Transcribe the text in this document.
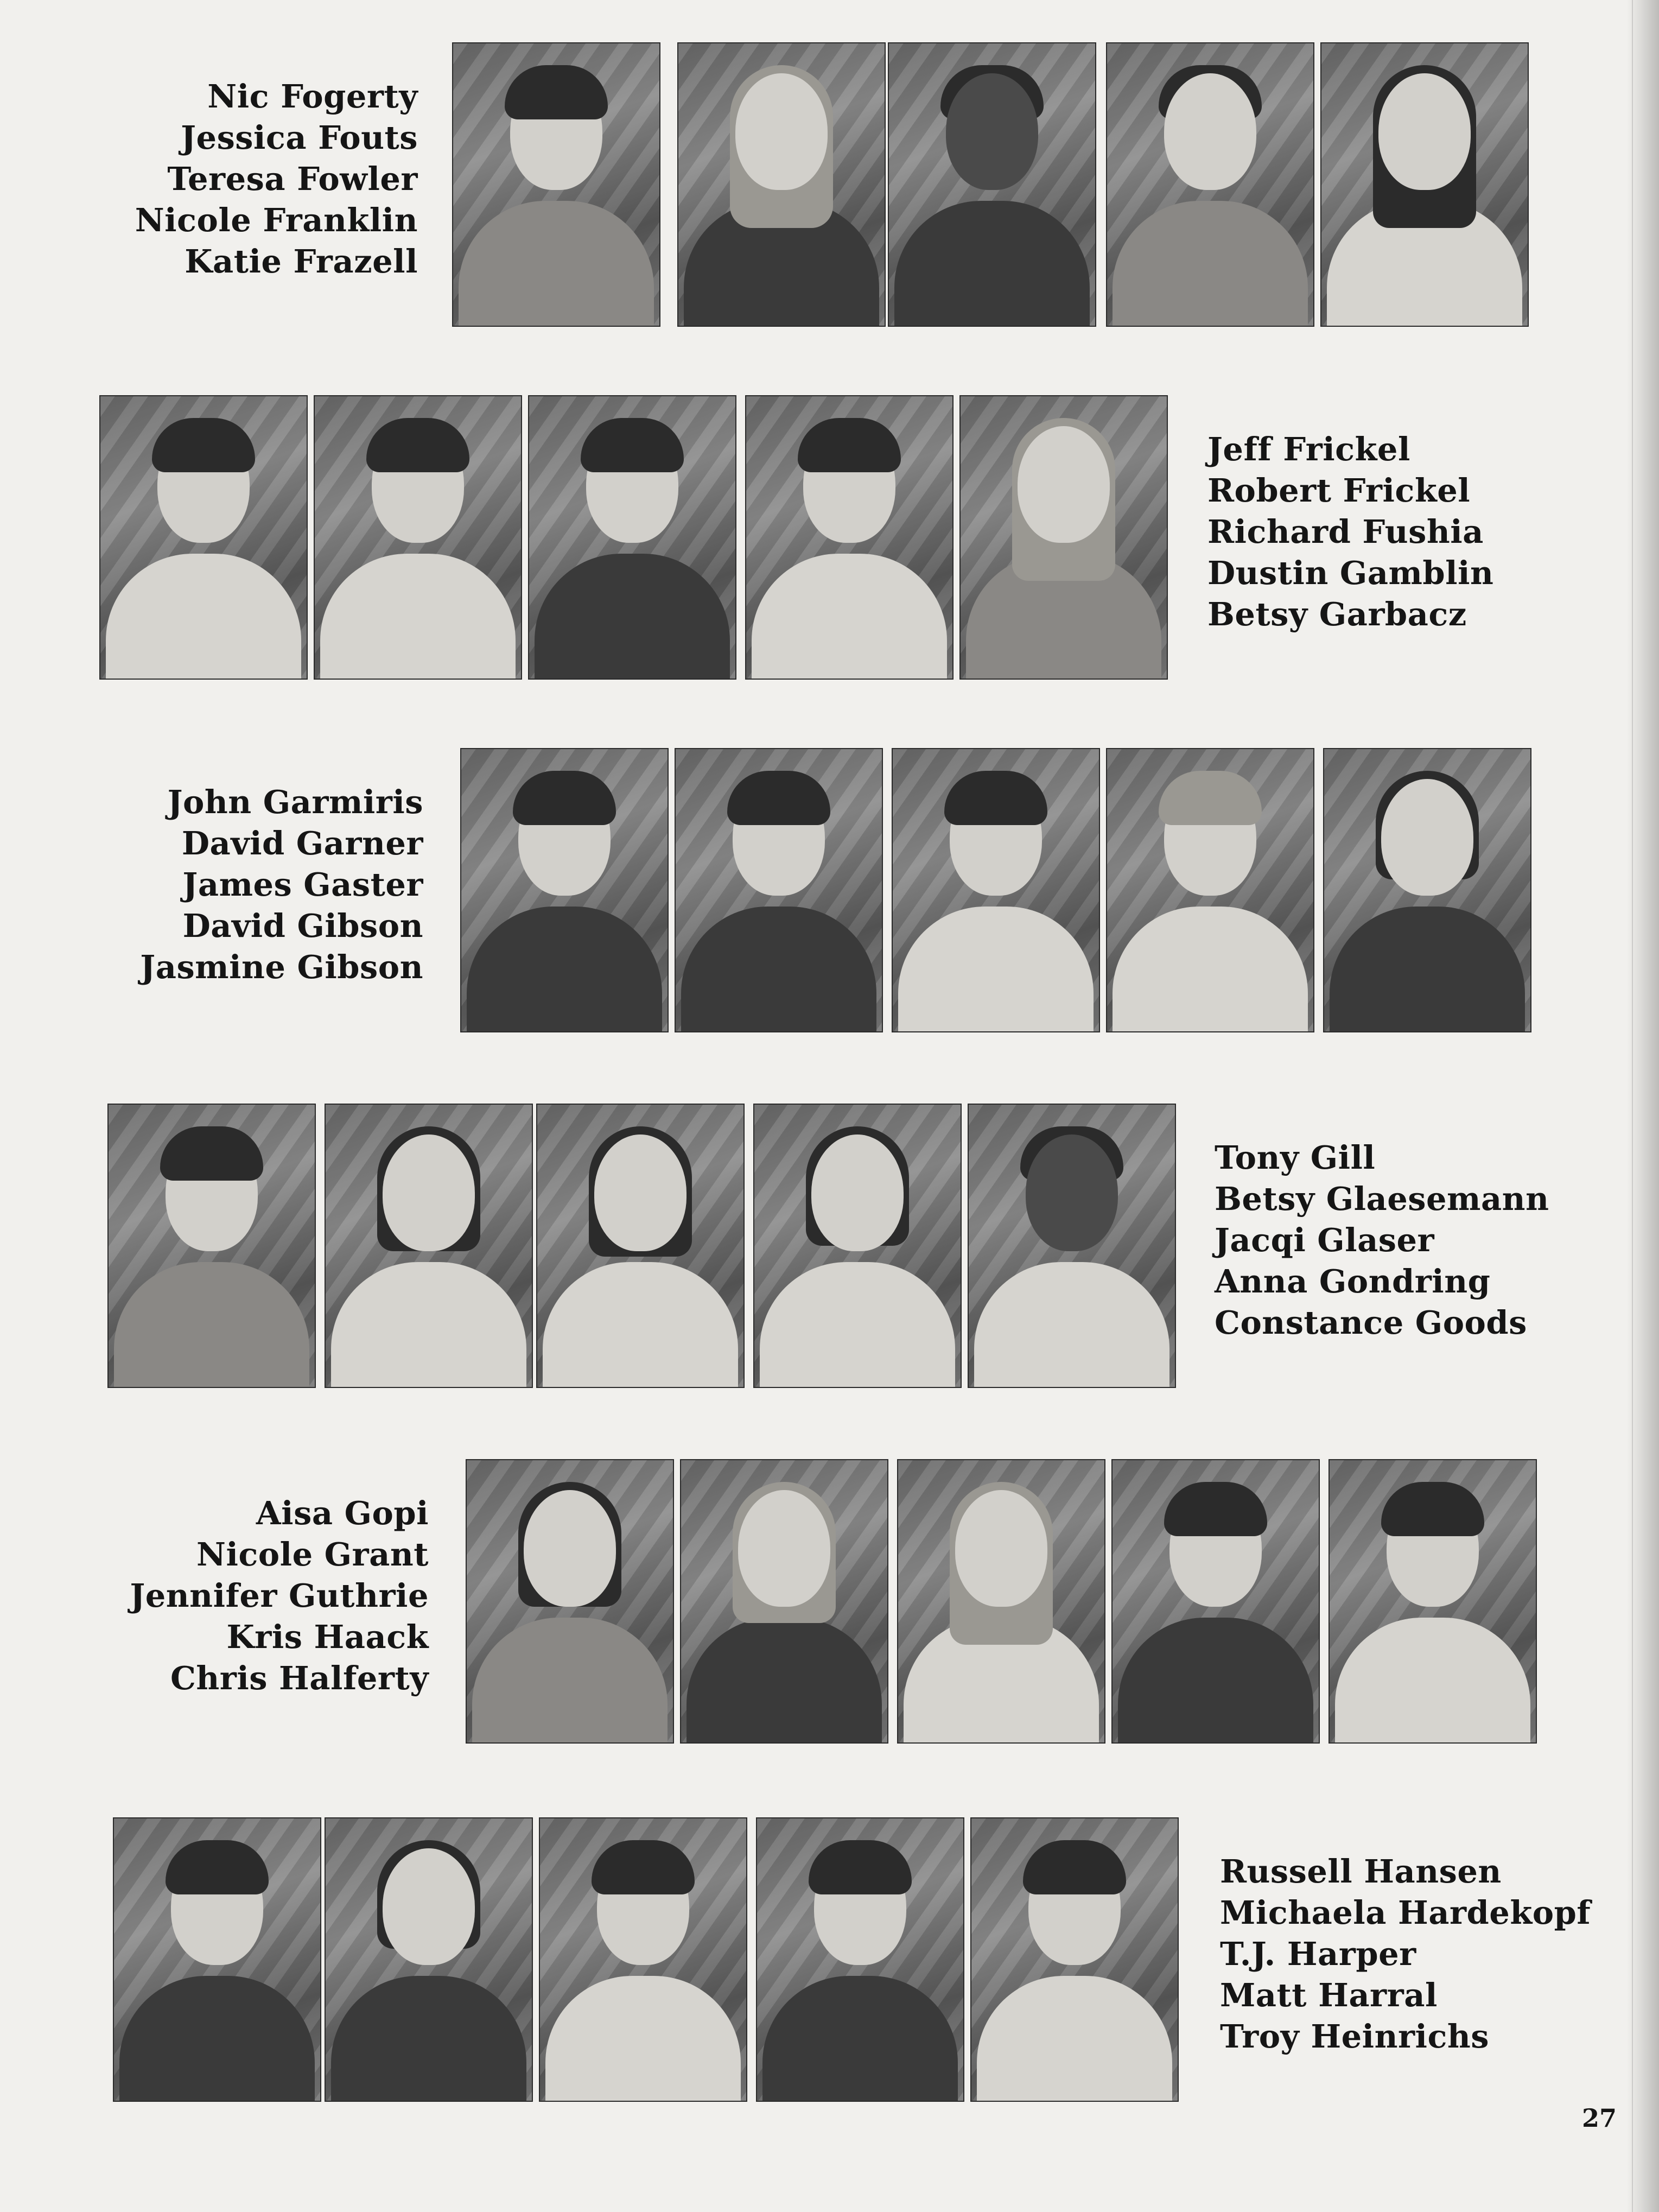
Nic Fogerty
Jessica Fouts
Teresa Fowler
Nicole Franklin
Katie Frazell
Jeff Frickel
Robert Frickel
Richard Fushia
Dustin Gamblin
Betsy Garbacz
John Garmiris
David Garner
James Gaster
David Gibson
Jasmine Gibson
Tony Gill
Betsy Glaesemann
Jacqi Glaser
Anna Gondring
Constance Goods
Aisa Gopi
Nicole Grant
Jennifer Guthrie
Kris Haack
Chris Halferty
Russell Hansen
Michaela Hardekopf
T.J. Harper
Matt Harral
Troy Heinrichs
27
